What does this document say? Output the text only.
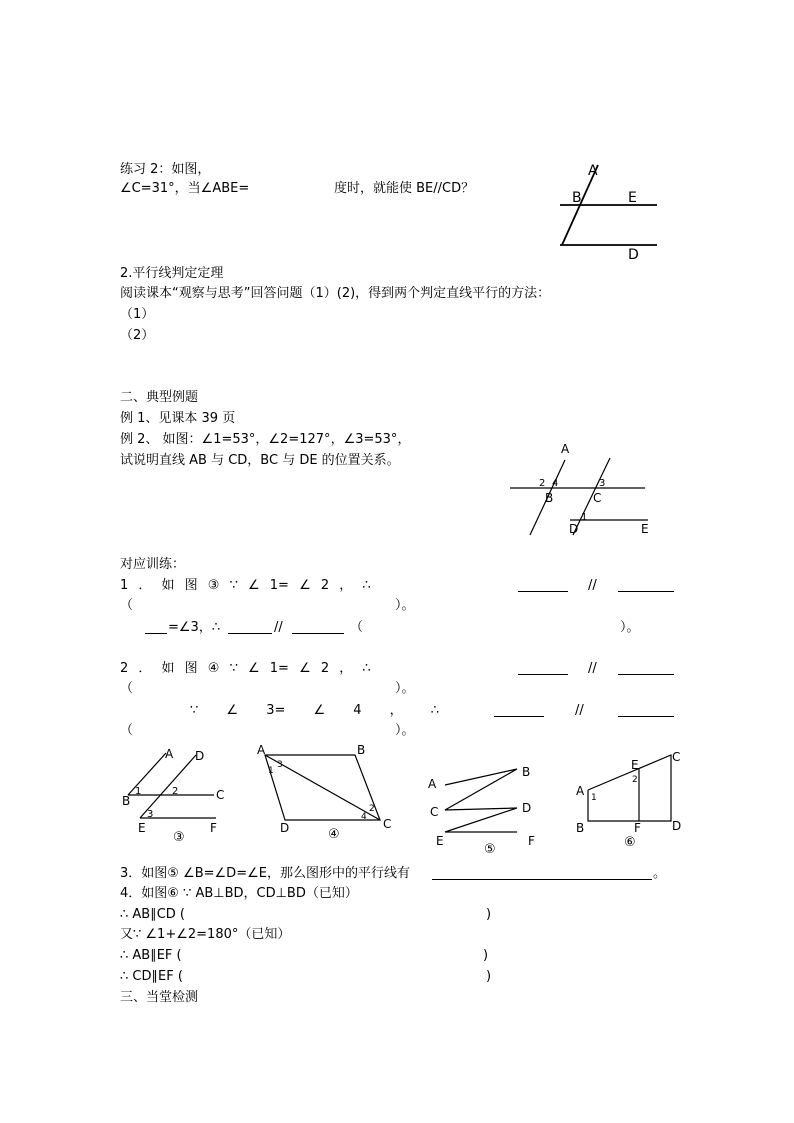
练习 2：如图，
∠C=31°，当∠ABE=	度时，就能使 BE//CD？
A
B	E
D
2.平行线判定定理
阅读课本“观察与思考”回答问题（1）(2)，得到两个判定直线平行的方法：
（1）
（2）
二、典型例题
例 1、见课本 39 页
例 2、 如图：∠1=53°，∠2=127°，∠3=53°，
试说明直线 AB 与 CD，BC 与 DE 的位置关系。
A
2 4
B
3
C
1
D	E
对应训练：
1 ． 如 图 ③ ∵ ∠ 1= ∠ 2 ， ∴	//
（	）。
=∠3，∴	//	（	）。
2 ． 如 图 ④ ∵ ∠ 1= ∠ 2 ， ∴	//
（	）。
∵ ∠ 3= ∠ 4 ， ∴	//
（	）。
A D
B
1	2	C
3
E	F
③
A	B
3
1
2
4
D	C
④
A
B
C	D
E	F
⑤
A
E
C
1
2
B	F	D
⑥
3．如图⑤ ∠B=∠D=∠E，那么图形中的平行线有	。
4．如图⑥ ∵ AB⊥BD，CD⊥BD（已知）
∴ AB∥CD (	)
又∵ ∠1+∠2=180°（已知）
∴ AB∥EF (	)
∴ CD∥EF (	)
三、当堂检测
